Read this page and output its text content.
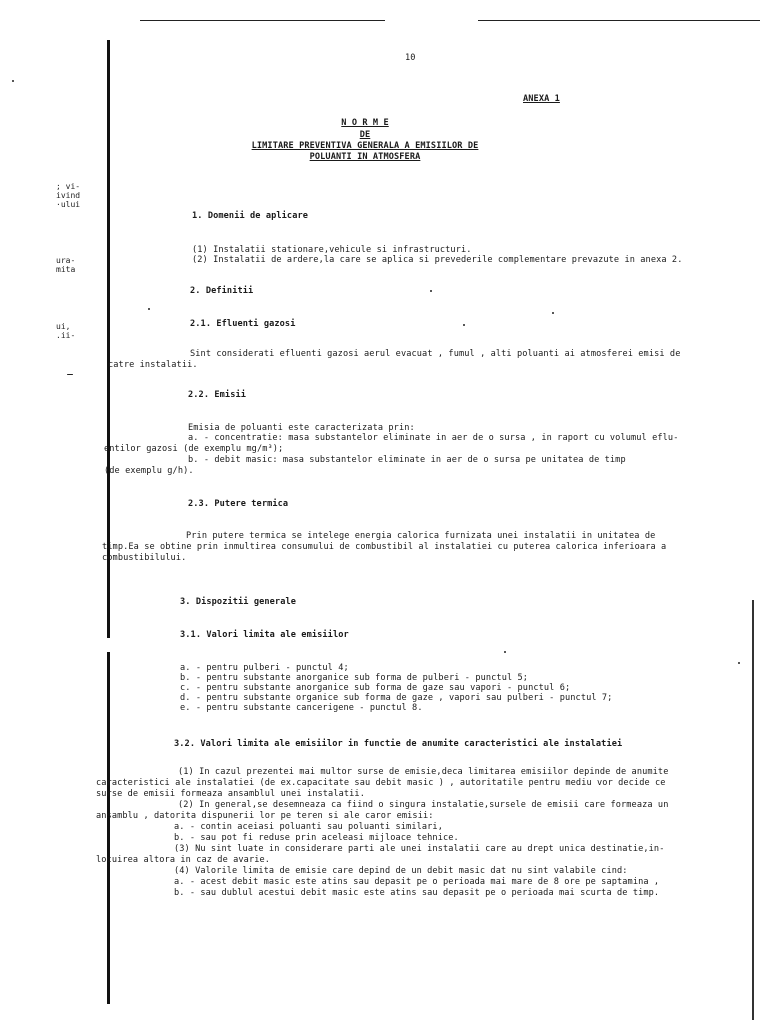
; vi-
ivind
·ului
ura-
mita
ui,
.ii-
10
ANEXA 1
N O R M E
DE
LIMITARE PREVENTIVA GENERALA A EMISIILOR DE
POLUANTI IN ATMOSFERA
1. Domenii de aplicare
(1) Instalatii stationare,vehicule si infrastructuri.
(2) Instalatii de ardere,la care se aplica si prevederile complementare prevazute in anexa 2.
2. Definitii
2.1. Efluenti gazosi
Sint considerati efluenti gazosi aerul evacuat , fumul , alti poluanti ai atmosferei emisi de
catre instalatii.
2.2. Emisii
Emisia de poluanti este caracterizata prin:
a. - concentratie: masa substantelor eliminate in aer de o sursa , in raport cu volumul eflu-
entilor gazosi (de exemplu mg/m³);
b. - debit masic: masa substantelor eliminate in aer de o sursa pe unitatea de timp
(de exemplu g/h).
2.3. Putere termica
Prin putere termica se intelege energia calorica furnizata unei instalatii in unitatea de
timp.Ea se obtine prin inmultirea consumului de combustibil al instalatiei cu puterea calorica inferioara a
combustibilului.
3. Dispozitii generale
3.1. Valori limita ale emisiilor
a. - pentru pulberi - punctul 4;
b. - pentru substante anorganice sub forma de pulberi - punctul 5;
c. - pentru substante anorganice sub forma de gaze sau vapori - punctul 6;
d. - pentru substante organice sub forma de gaze , vapori sau pulberi - punctul 7;
e. - pentru substante cancerigene - punctul 8.
3.2. Valori limita ale emisiilor in functie de anumite caracteristici ale instalatiei
(1) In cazul prezentei mai multor surse de emisie,deca limitarea emisiilor depinde de anumite
caracteristici ale instalatiei (de ex.capacitate sau debit masic ) , autoritatile pentru mediu vor decide ce
surse de emisii formeaza ansamblul unei instalatii.
(2) In general,se desemneaza ca fiind o singura instalatie,sursele de emisii care formeaza un
ansamblu , datorita dispunerii lor pe teren si ale caror emisii:
a. - contin aceiasi poluanti sau poluanti similari,
b. - sau pot fi reduse prin aceleasi mijloace tehnice.
(3) Nu sint luate in considerare parti ale unei instalatii care au drept unica destinatie,in-
locuirea altora in caz de avarie.
(4) Valorile limita de emisie care depind de un debit masic dat nu sint valabile cind:
a. - acest debit masic este atins sau depasit pe o perioada mai mare de 8 ore pe saptamina ,
b. - sau dublul acestui debit masic este atins sau depasit pe o perioada mai scurta de timp.
